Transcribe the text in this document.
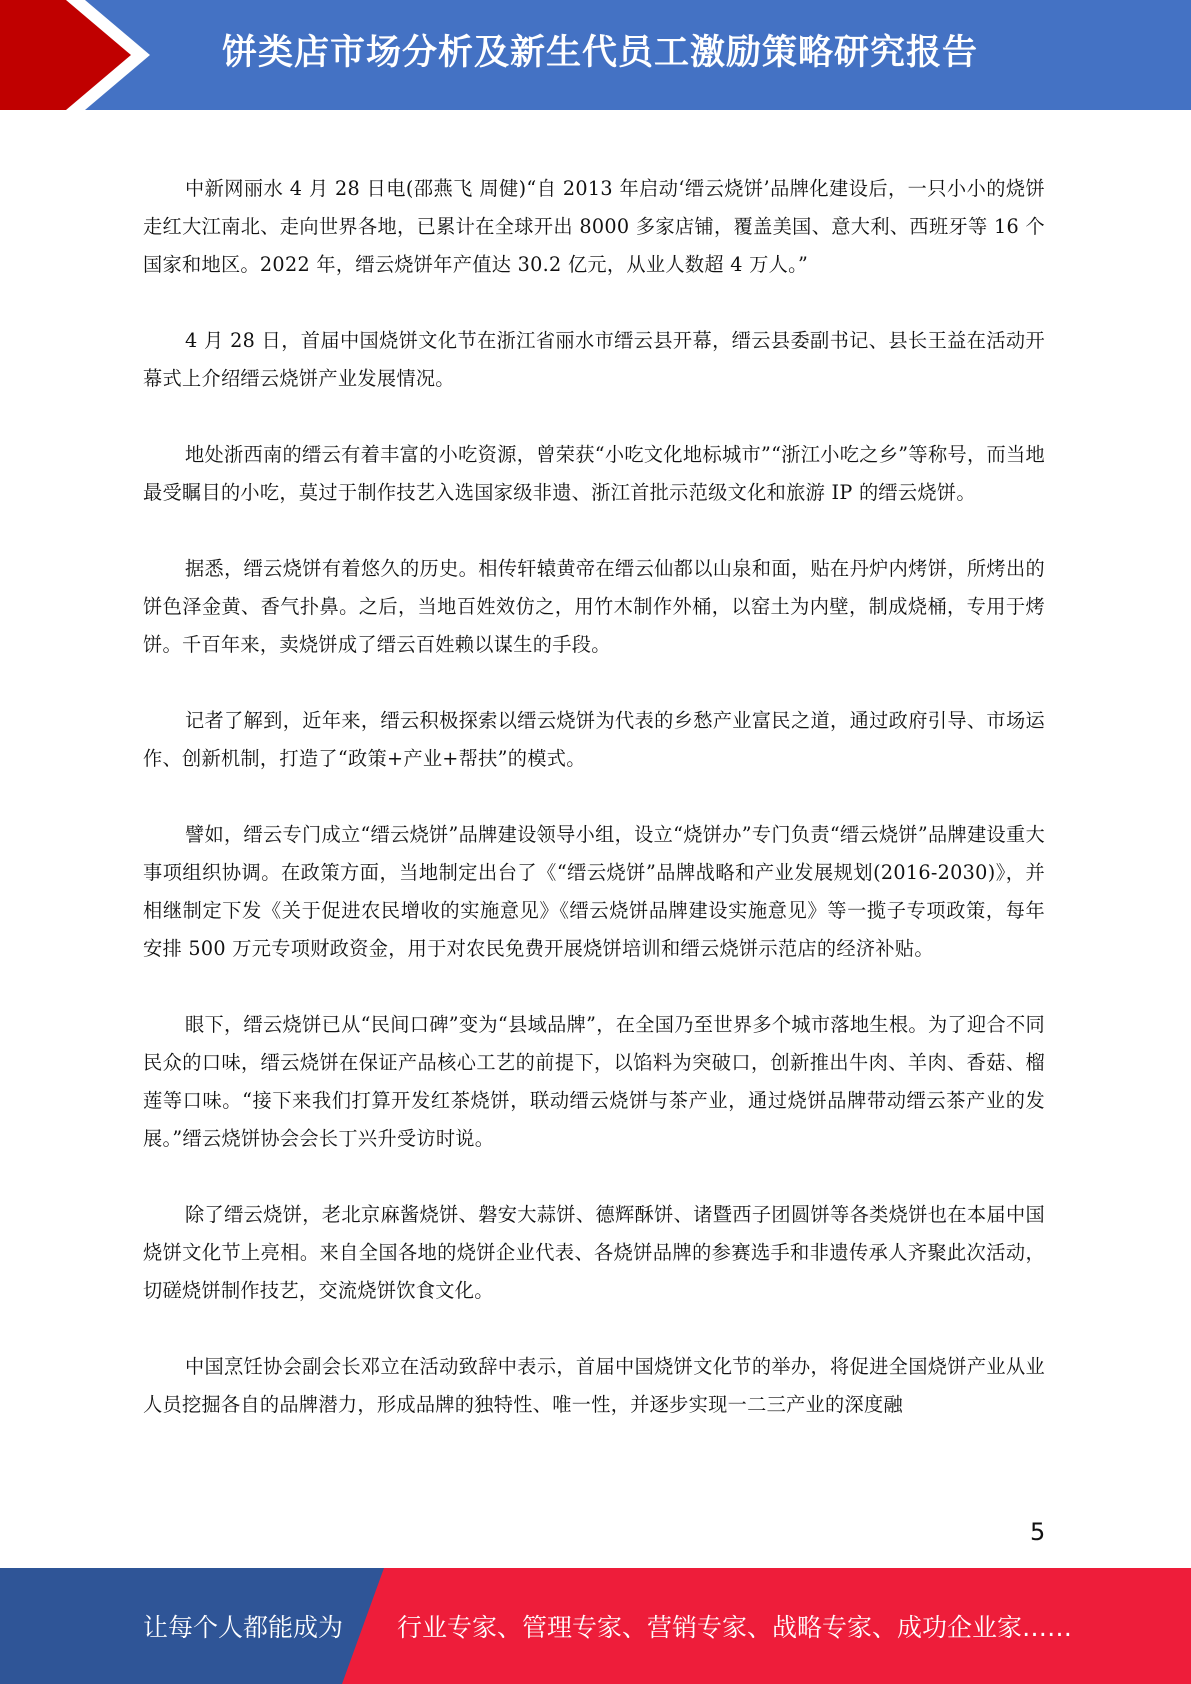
饼类店市场分析及新生代员工激励策略研究报告

中新网丽水 4 月 28 日电(邵燕飞 周健)“自 2013 年启动‘缙云烧饼’品牌化建设后，一只小小的烧饼走红大江南北、走向世界各地，已累计在全球开出 8000 多家店铺，覆盖美国、意大利、西班牙等 16 个国家和地区。2022 年，缙云烧饼年产值达 30.2 亿元，从业人数超 4 万人。”

4 月 28 日，首届中国烧饼文化节在浙江省丽水市缙云县开幕，缙云县委副书记、县长王益在活动开幕式上介绍缙云烧饼产业发展情况。

地处浙西南的缙云有着丰富的小吃资源，曾荣获“小吃文化地标城市”“浙江小吃之乡”等称号，而当地最受瞩目的小吃，莫过于制作技艺入选国家级非遗、浙江首批示范级文化和旅游 IP 的缙云烧饼。

据悉，缙云烧饼有着悠久的历史。相传轩辕黄帝在缙云仙都以山泉和面，贴在丹炉内烤饼，所烤出的饼色泽金黄、香气扑鼻。之后，当地百姓效仿之，用竹木制作外桶，以窑土为内壁，制成烧桶，专用于烤饼。千百年来，卖烧饼成了缙云百姓赖以谋生的手段。

记者了解到，近年来，缙云积极探索以缙云烧饼为代表的乡愁产业富民之道，通过政府引导、市场运作、创新机制，打造了“政策+产业+帮扶”的模式。

譬如，缙云专门成立“缙云烧饼”品牌建设领导小组，设立“烧饼办”专门负责“缙云烧饼”品牌建设重大事项组织协调。在政策方面，当地制定出台了《“缙云烧饼”品牌战略和产业发展规划(2016-2030)》，并相继制定下发《关于促进农民增收的实施意见》《缙云烧饼品牌建设实施意见》等一揽子专项政策，每年安排 500 万元专项财政资金，用于对农民免费开展烧饼培训和缙云烧饼示范店的经济补贴。

眼下，缙云烧饼已从“民间口碑”变为“县域品牌”，在全国乃至世界多个城市落地生根。为了迎合不同民众的口味，缙云烧饼在保证产品核心工艺的前提下，以馅料为突破口，创新推出牛肉、羊肉、香菇、榴莲等口味。“接下来我们打算开发红茶烧饼，联动缙云烧饼与茶产业，通过烧饼品牌带动缙云茶产业的发展。”缙云烧饼协会会长丁兴升受访时说。

除了缙云烧饼，老北京麻酱烧饼、磐安大蒜饼、德辉酥饼、诸暨西子团圆饼等各类烧饼也在本届中国烧饼文化节上亮相。来自全国各地的烧饼企业代表、各烧饼品牌的参赛选手和非遗传承人齐聚此次活动，切磋烧饼制作技艺，交流烧饼饮食文化。

中国烹饪协会副会长邓立在活动致辞中表示，首届中国烧饼文化节的举办，将促进全国烧饼产业从业人员挖掘各自的品牌潜力，形成品牌的独特性、唯一性，并逐步实现一二三产业的深度融

5
让每个人都能成为 行业专家、管理专家、营销专家、战略专家、成功企业家……
